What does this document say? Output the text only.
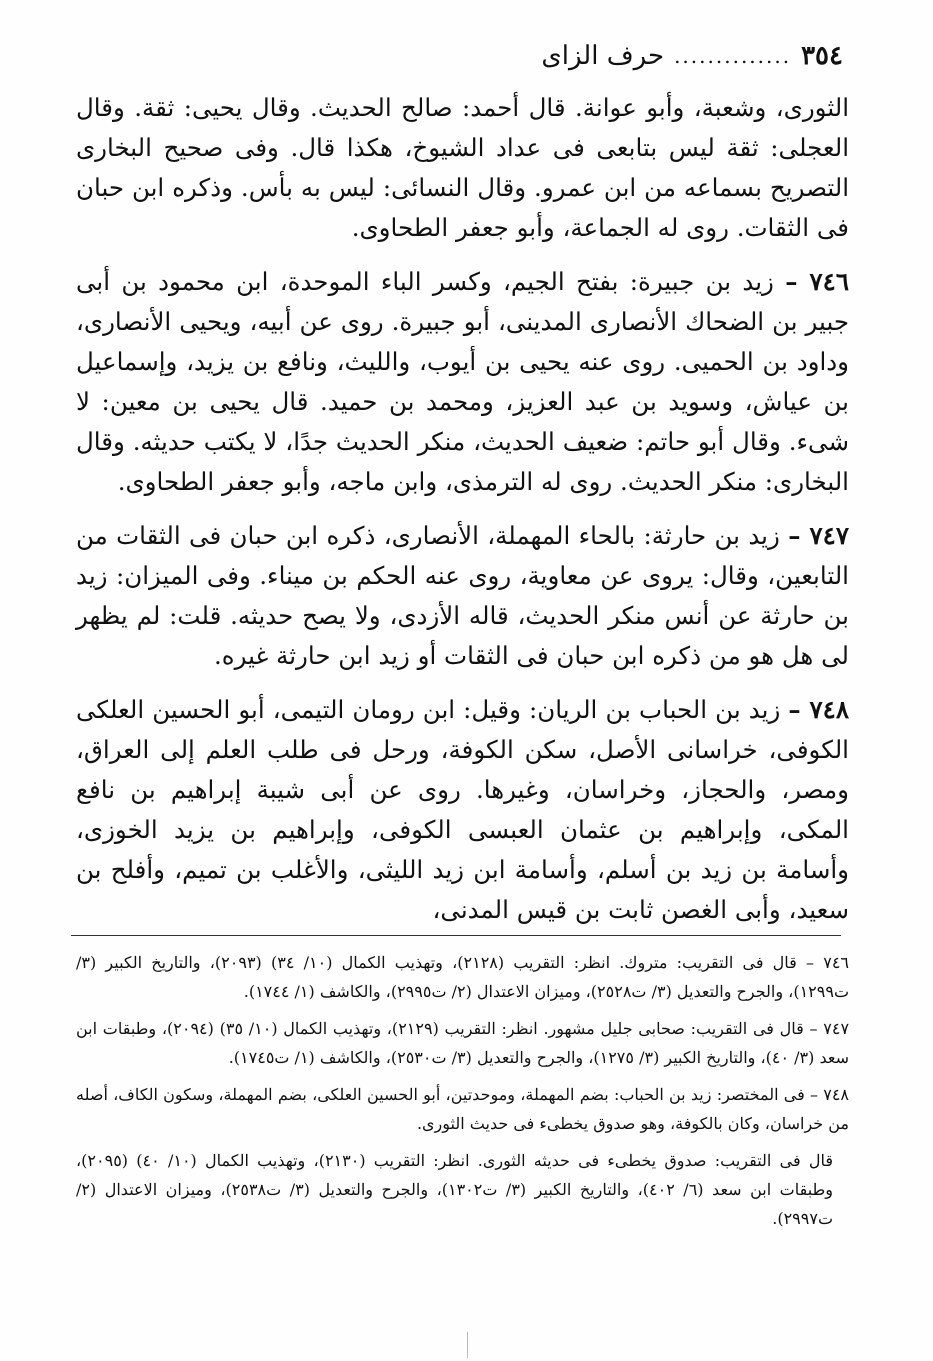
٣٥٤
..............
حرف الزاى

الثورى، وشعبة، وأبو عوانة. قال أحمد: صالح الحديث. وقال يحيى: ثقة. وقال العجلى: ثقة ليس بتابعى فى عداد الشيوخ، هكذا قال. وفى صحيح البخارى التصريح بسماعه من ابن عمرو. وقال النسائى: ليس به بأس. وذكره ابن حبان فى الثقات. روى له الجماعة، وأبو جعفر الطحاوى.

٧٤٦ – زيد بن جبيرة: بفتح الجيم، وكسر الباء الموحدة، ابن محمود بن أبى جبير بن الضحاك الأنصارى المدينى، أبو جبيرة. روى عن أبيه، ويحيى الأنصارى، وداود بن الحميى. روى عنه يحيى بن أيوب، والليث، ونافع بن يزيد، وإسماعيل بن عياش، وسويد بن عبد العزيز، ومحمد بن حميد. قال يحيى بن معين: لا شىء. وقال أبو حاتم: ضعيف الحديث، منكر الحديث جدًا، لا يكتب حديثه. وقال البخارى: منكر الحديث. روى له الترمذى، وابن ماجه، وأبو جعفر الطحاوى.

٧٤٧ – زيد بن حارثة: بالحاء المهملة، الأنصارى، ذكره ابن حبان فى الثقات من التابعين، وقال: يروى عن معاوية، روى عنه الحكم بن ميناء. وفى الميزان: زيد بن حارثة عن أنس منكر الحديث، قاله الأزدى، ولا يصح حديثه. قلت: لم يظهر لى هل هو من ذكره ابن حبان فى الثقات أو زيد ابن حارثة غيره.

٧٤٨ – زيد بن الحباب بن الريان: وقيل: ابن رومان التيمى، أبو الحسين العلكى الكوفى، خراسانى الأصل، سكن الكوفة، ورحل فى طلب العلم إلى العراق، ومصر، والحجاز، وخراسان، وغيرها. روى عن أبى شيبة إبراهيم بن نافع المكى، وإبراهيم بن عثمان العبسى الكوفى، وإبراهيم بن يزيد الخوزى، وأسامة بن زيد بن أسلم، وأسامة ابن زيد الليثى، والأغلب بن تميم، وأفلح بن سعيد، وأبى الغصن ثابت بن قيس المدنى،

٧٤٦ – قال فى التقريب: متروك. انظر: التقريب (٢١٢٨)، وتهذيب الكمال (١٠/ ٣٤) (٢٠٩٣)، والتاريخ الكبير (٣/ ت١٢٩٩)، والجرح والتعديل (٣/ ت٢٥٢٨)، وميزان الاعتدال (٢/ ت٢٩٩٥)، والكاشف (١/ ١٧٤٤).

٧٤٧ – قال فى التقريب: صحابى جليل مشهور. انظر: التقريب (٢١٢٩)، وتهذيب الكمال (١٠/ ٣٥) (٢٠٩٤)، وطبقات ابن سعد (٣/ ٤٠)، والتاريخ الكبير (٣/ ١٢٧٥)، والجرح والتعديل (٣/ ت٢٥٣٠)، والكاشف (١/ ت١٧٤٥).

٧٤٨ – فى المختصر: زيد بن الحباب: بضم المهملة، وموحدتين، أبو الحسين العلكى، بضم المهملة، وسكون الكاف، أصله من خراسان، وكان بالكوفة، وهو صدوق يخطىء فى حديث الثورى.

قال فى التقريب: صدوق يخطىء فى حديثه الثورى. انظر: التقريب (٢١٣٠)، وتهذيب الكمال (١٠/ ٤٠) (٢٠٩٥)، وطبقات ابن سعد (٦/ ٤٠٢)، والتاريخ الكبير (٣/ ت١٣٠٢)، والجرح والتعديل (٣/ ت٢٥٣٨)، وميزان الاعتدال (٢/ ت٢٩٩٧).
